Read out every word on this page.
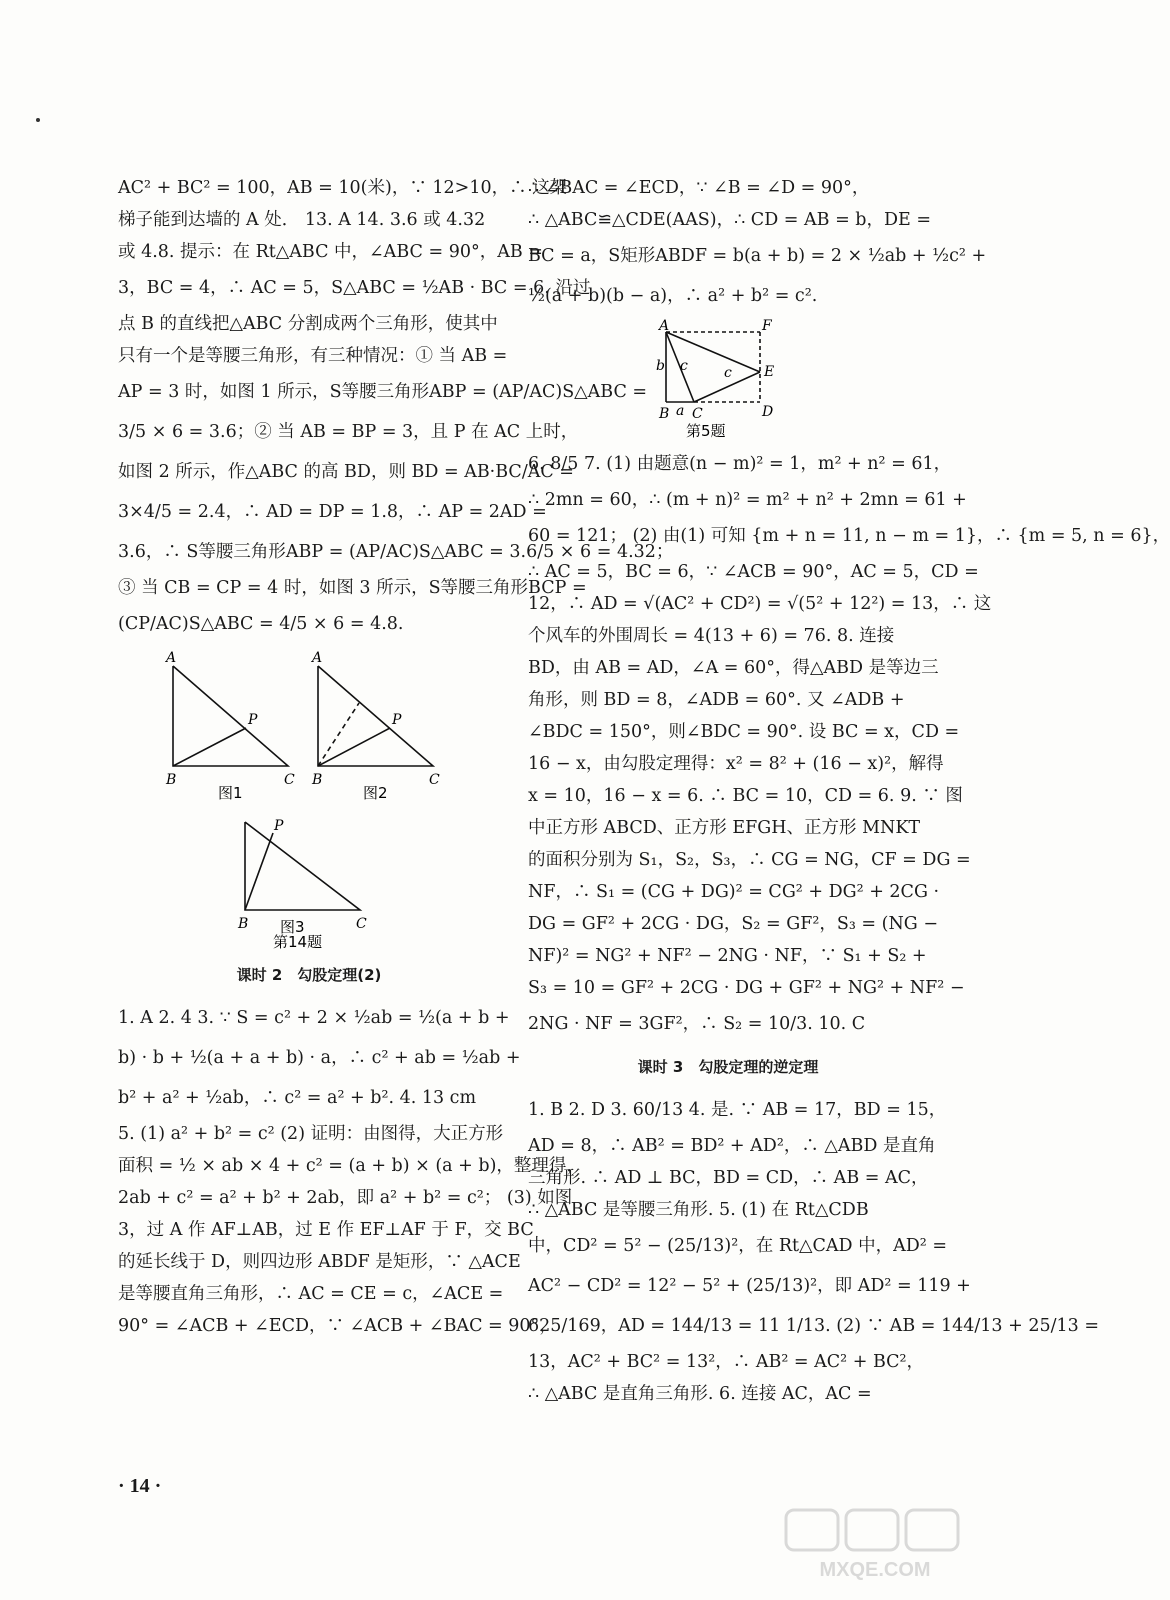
AC² + BC² = 100，AB = 10(米)，∵ 12>10，∴ 这架
梯子能到达墙的 A 处． 13. A 14. 3.6 或 4.32
或 4.8. 提示：在 Rt△ABC 中，∠ABC = 90°，AB =
3，BC = 4，∴ AC = 5，S△ABC = ½AB · BC = 6. 沿过
点 B 的直线把△ABC 分割成两个三角形，使其中
只有一个是等腰三角形，有三种情况：① 当 AB =
AP = 3 时，如图 1 所示，S等腰三角形ABP = (AP/AC)S△ABC =
3/5 × 6 = 3.6；② 当 AB = BP = 3，且 P 在 AC 上时，
如图 2 所示，作△ABC 的高 BD，则 BD = AB·BC/AC =
3×4/5 = 2.4，∴ AD = DP = 1.8，∴ AP = 2AD =
3.6，∴ S等腰三角形ABP = (AP/AC)S△ABC = 3.6/5 × 6 = 4.32；
③ 当 CB = CP = 4 时，如图 3 所示，S等腰三角形BCP =
(CP/AC)S△ABC = 4/5 × 6 = 4.8.
A
P
B	C
图1
A
P
B	C
图2
P
B	C
图3
第14题
课时 2　勾股定理(2)
1. A 2. 4 3. ∵ S = c² + 2 × ½ab = ½(a + b +
b) · b + ½(a + a + b) · a，∴ c² + ab = ½ab +
b² + a² + ½ab，∴ c² = a² + b². 4. 13 cm
5. (1) a² + b² = c² (2) 证明：由图得，大正方形
面积 = ½ × ab × 4 + c² = (a + b) × (a + b)，整理得，
2ab + c² = a² + b² + 2ab，即 a² + b² = c²； (3) 如图
3，过 A 作 AF⊥AB，过 E 作 EF⊥AF 于 F，交 BC
的延长线于 D，则四边形 ABDF 是矩形，∵ △ACE
是等腰直角三角形，∴ AC = CE = c，∠ACE =
90° = ∠ACB + ∠ECD，∵ ∠ACB + ∠BAC = 90°，
∴ ∠BAC = ∠ECD，∵ ∠B = ∠D = 90°，
∴ △ABC≌△CDE(AAS)，∴ CD = AB = b，DE =
BC = a，S矩形ABDF = b(a + b) = 2 × ½ab + ½c² +
½(a + b)(b − a)，∴ a² + b² = c².
A	F
b c	c E
B a C	D
第5题
6. 8/5 7. (1) 由题意(n − m)² = 1，m² + n² = 61，
∴ 2mn = 60，∴ (m + n)² = m² + n² + 2mn = 61 +
60 = 121； (2) 由(1) 可知 {m + n = 11, n − m = 1}，∴ {m = 5, n = 6}，
∴ AC = 5，BC = 6，∵ ∠ACB = 90°，AC = 5，CD =
12，∴ AD = √(AC² + CD²) = √(5² + 12²) = 13，∴ 这
个风车的外围周长 = 4(13 + 6) = 76. 8. 连接
BD，由 AB = AD，∠A = 60°，得△ABD 是等边三
角形，则 BD = 8，∠ADB = 60°. 又 ∠ADB +
∠BDC = 150°，则∠BDC = 90°. 设 BC = x，CD =
16 − x，由勾股定理得：x² = 8² + (16 − x)²，解得
x = 10，16 − x = 6. ∴ BC = 10，CD = 6. 9. ∵ 图
中正方形 ABCD、正方形 EFGH、正方形 MNKT
的面积分别为 S₁，S₂，S₃，∴ CG = NG，CF = DG =
NF，∴ S₁ = (CG + DG)² = CG² + DG² + 2CG ·
DG = GF² + 2CG · DG，S₂ = GF²，S₃ = (NG −
NF)² = NG² + NF² − 2NG · NF，∵ S₁ + S₂ +
S₃ = 10 = GF² + 2CG · DG + GF² + NG² + NF² −
2NG · NF = 3GF²，∴ S₂ = 10/3. 10. C
课时 3　勾股定理的逆定理
1. B 2. D 3. 60/13 4. 是. ∵ AB = 17，BD = 15，
AD = 8，∴ AB² = BD² + AD²，∴ △ABD 是直角
三角形. ∴ AD ⊥ BC，BD = CD，∴ AB = AC，
∴ △ABC 是等腰三角形. 5. (1) 在 Rt△CDB
中，CD² = 5² − (25/13)²，在 Rt△CAD 中，AD² =
AC² − CD² = 12² − 5² + (25/13)²，即 AD² = 119 +
625/169，AD = 144/13 = 11 1/13. (2) ∵ AB = 144/13 + 25/13 =
13，AC² + BC² = 13²，∴ AB² = AC² + BC²，
∴ △ABC 是直角三角形. 6. 连接 AC，AC =
· 14 ·
MXQE.COM
